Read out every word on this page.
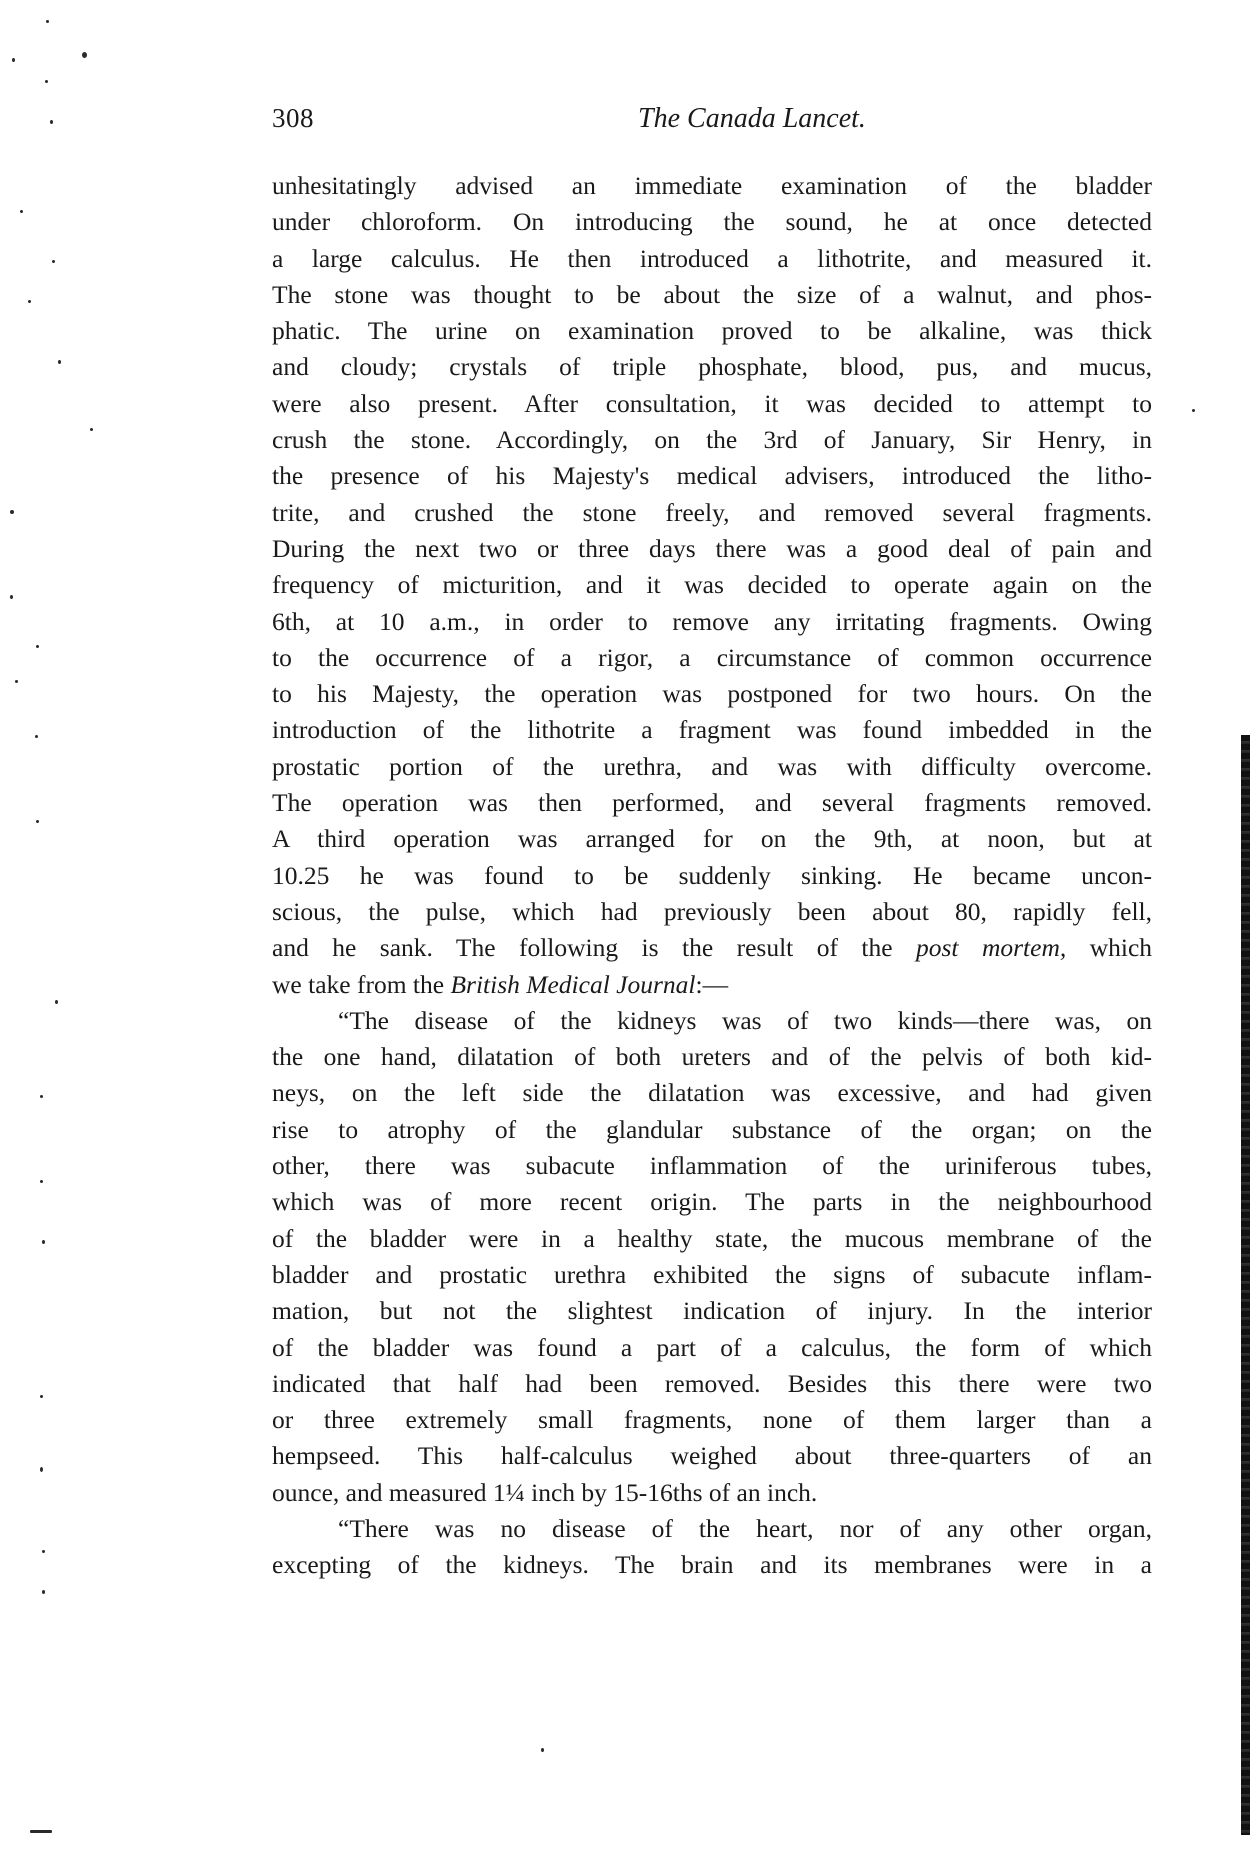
308	The Canada Lancet.
unhesitatingly advised an immediate examination of the bladder
under chloroform. On introducing the sound, he at once detected
a large calculus. He then introduced a lithotrite, and measured it.
The stone was thought to be about the size of a walnut, and phos-
phatic. The urine on examination proved to be alkaline, was thick
and cloudy; crystals of triple phosphate, blood, pus, and mucus,
were also present. After consultation, it was decided to attempt to
crush the stone. Accordingly, on the 3rd of January, Sir Henry, in
the presence of his Majesty's medical advisers, introduced the litho-
trite, and crushed the stone freely, and removed several fragments.
During the next two or three days there was a good deal of pain and
frequency of micturition, and it was decided to operate again on the
6th, at 10 a.m., in order to remove any irritating fragments. Owing
to the occurrence of a rigor, a circumstance of common occurrence
to his Majesty, the operation was postponed for two hours. On the
introduction of the lithotrite a fragment was found imbedded in the
prostatic portion of the urethra, and was with difficulty overcome.
The operation was then performed, and several fragments removed.
A third operation was arranged for on the 9th, at noon, but at
10.25 he was found to be suddenly sinking. He became uncon-
scious, the pulse, which had previously been about 80, rapidly fell,
and he sank. The following is the result of the post mortem, which
we take from the British Medical Journal:—
“The disease of the kidneys was of two kinds—there was, on
the one hand, dilatation of both ureters and of the pelvis of both kid-
neys, on the left side the dilatation was excessive, and had given
rise to atrophy of the glandular substance of the organ; on the
other, there was subacute inflammation of the uriniferous tubes,
which was of more recent origin. The parts in the neighbourhood
of the bladder were in a healthy state, the mucous membrane of the
bladder and prostatic urethra exhibited the signs of subacute inflam-
mation, but not the slightest indication of injury. In the interior
of the bladder was found a part of a calculus, the form of which
indicated that half had been removed. Besides this there were two
or three extremely small fragments, none of them larger than a
hempseed. This half-calculus weighed about three-quarters of an
ounce, and measured 1¼ inch by 15-16ths of an inch.
“There was no disease of the heart, nor of any other organ,
excepting of the kidneys. The brain and its membranes were in a
